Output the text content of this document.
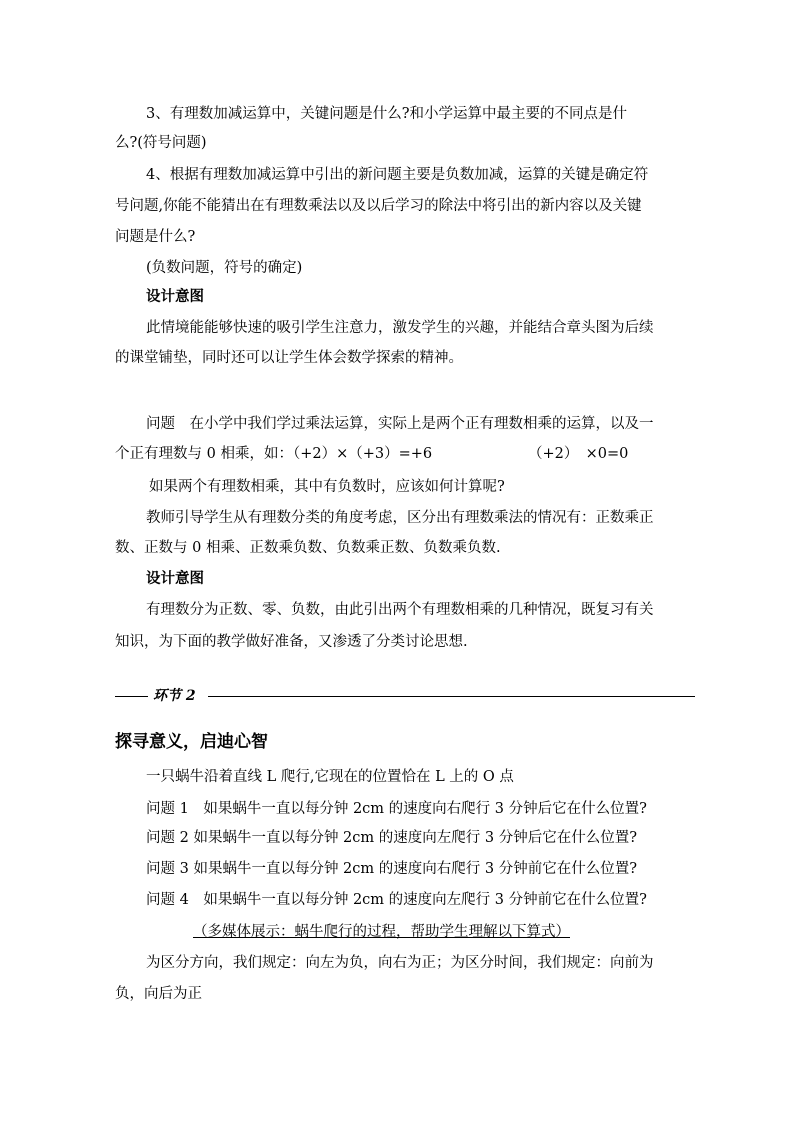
3、有理数加减运算中，关键问题是什么?和小学运算中最主要的不同点是什
么?(符号问题)
4、根据有理数加减运算中引出的新问题主要是负数加减，运算的关键是确定符
号问题,你能不能猜出在有理数乘法以及以后学习的除法中将引出的新内容以及关键
问题是什么?
(负数问题，符号的确定)
设计意图
此情境能能够快速的吸引学生注意力，激发学生的兴趣，并能结合章头图为后续
的课堂铺垫，同时还可以让学生体会数学探索的精神。
问题　在小学中我们学过乘法运算，实际上是两个正有理数相乘的运算，以及一
个正有理数与 0 相乘，如：（+2）×（+3）=+6	（+2）　×0=0
如果两个有理数相乘，其中有负数时，应该如何计算呢?
教师引导学生从有理数分类的角度考虑，区分出有理数乘法的情况有：正数乘正
数、正数与 0 相乘、正数乘负数、负数乘正数、负数乘负数.
设计意图
有理数分为正数、零、负数，由此引出两个有理数相乘的几种情况，既复习有关
知识，为下面的教学做好准备，又渗透了分类讨论思想.
环节 2
探寻意义，启迪心智
一只蜗牛沿着直线 L 爬行,它现在的位置恰在 L 上的 O 点
问题 1　如果蜗牛一直以每分钟 2cm 的速度向右爬行 3 分钟后它在什么位置?
问题 2 如果蜗牛一直以每分钟 2cm 的速度向左爬行 3 分钟后它在什么位置?
问题 3 如果蜗牛一直以每分钟 2cm 的速度向右爬行 3 分钟前它在什么位置?
问题 4　如果蜗牛一直以每分钟 2cm 的速度向左爬行 3 分钟前它在什么位置?
（多媒体展示：蜗牛爬行的过程，帮助学生理解以下算式）
为区分方向，我们规定：向左为负，向右为正；为区分时间，我们规定：向前为
负，向后为正
